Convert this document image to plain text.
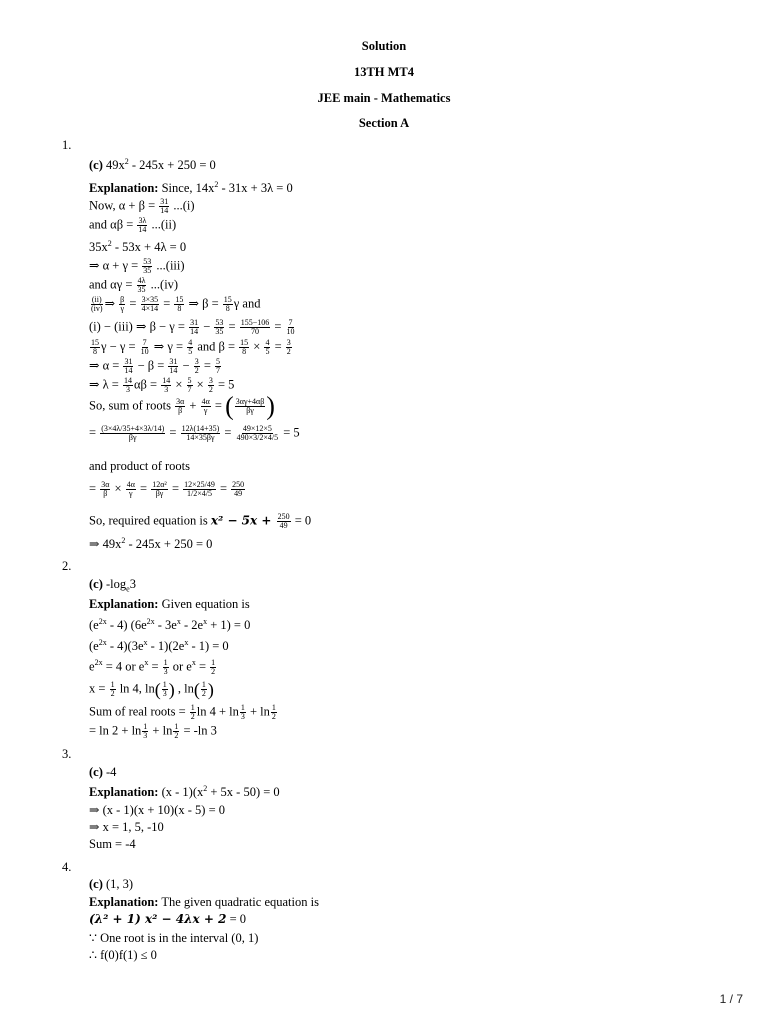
Solution
13TH MT4
JEE main - Mathematics
Section A
1.
(c) $49x^2 - 245x + 250 = 0$
Explanation: Since, $14x^2 - 31x + 3\lambda = 0$
Now, $\alpha + \beta = \frac{31}{14} ...(i)$
and $\alpha\beta = \frac{3\lambda}{14} ...(ii)$
$35x^2 - 53x + 4\lambda = 0$
⇒ $\alpha + \gamma = \frac{53}{35} ...(iii)$
and $\alpha\gamma = \frac{4\lambda}{35} ...(iv)$
$\frac{(ii)}{(iv)}$ ⇒ $\frac{\beta}{\gamma} = \frac{3\times 35}{4\times 14} = \frac{15}{8}$ ⇒ $\beta = \frac{15}{8}$ γ and
(i) − (iii) ⇒ $\beta - \gamma = \frac{31}{14} - \frac{53}{35} = \frac{155-106}{70} = \frac{7}{10}$
$\frac{15}{8}$ $\gamma - \gamma = \frac{7}{10}$ ⇒ $\gamma = \frac{4}{5}$ and $\beta = \frac{15}{8} \times \frac{4}{5} = \frac{3}{2}$
⇒ $\alpha = \frac{31}{14} - \beta = \frac{31}{14} - \frac{3}{2} = \frac{5}{7}$
⇒ $\lambda = \frac{14}{3}$ $\alpha\beta = \frac{14}{3} \times \frac{5}{7} \times \frac{3}{2} = 5$
So, sum of roots $\frac{3\alpha}{\beta} + \frac{4\alpha}{\gamma}$ = ( $\frac{3\alpha\gamma+4\alpha\beta}{\beta\gamma}$ )
= $\frac{(3\times 4\lambda/35+4\times 3\lambda/14)}{\beta\gamma} = \frac{12\lambda(14+35)}{14\times 35\beta\gamma} = \frac{49\times 12\times 5}{490\times 3/2\times 4/5} = 5$
and product of roots
= $\frac{3\alpha}{\beta} \times \frac{4\alpha}{\gamma} = \frac{\text{12α²}}{\beta\gamma} = \frac{12\times 25/49}{1/2\times 4/5} = \frac{250}{49}$
So, required equation is $x^2 - 5x + \frac{250}{49} = 0$
⇒ $49x^2 - 245x + 250 = 0$
2.
(c) $-\log_e3$
Explanation: Given equation is
$(e^{2x} - 4)$ $(6e^{2x} - 3e^x - 2e^x + 1) = 0$
$(e^{2x} - 4)(3e^x - 1)(2e^x - 1) = 0$
$e^{2x} = 4$ or $e^x = \frac{1}{3}$ or $e^x = \frac{1}{2}$
$x = \frac{1}{2}$ ln 4, $\ln( \frac{1}{3}$ ) , $\ln( \frac{1}{2}$ )
Sum of real roots = $\frac{1}{2}$ $\ln 4 + \ln \frac{1}{3} + \ln \frac{1}{2}$
= $\ln 2 + \ln \frac{1}{3} + \ln \frac{1}{2} = -\ln$ 3
3.
(c) -4
Explanation: $(x - 1)(x^2 + 5x - 50) = 0$
⇒ (x - 1)(x + 10)(x - 5) = 0
⇒ x = 1, 5, -10
Sum = -4
4.
(c) (1, 3)
Explanation: The given quadratic equation is
(λ² + 1) x² − 4λx + 2 = 0
∵ One root is in the interval (0, 1)
∴ f(0)f(1) ≤ 0
1 / 7
